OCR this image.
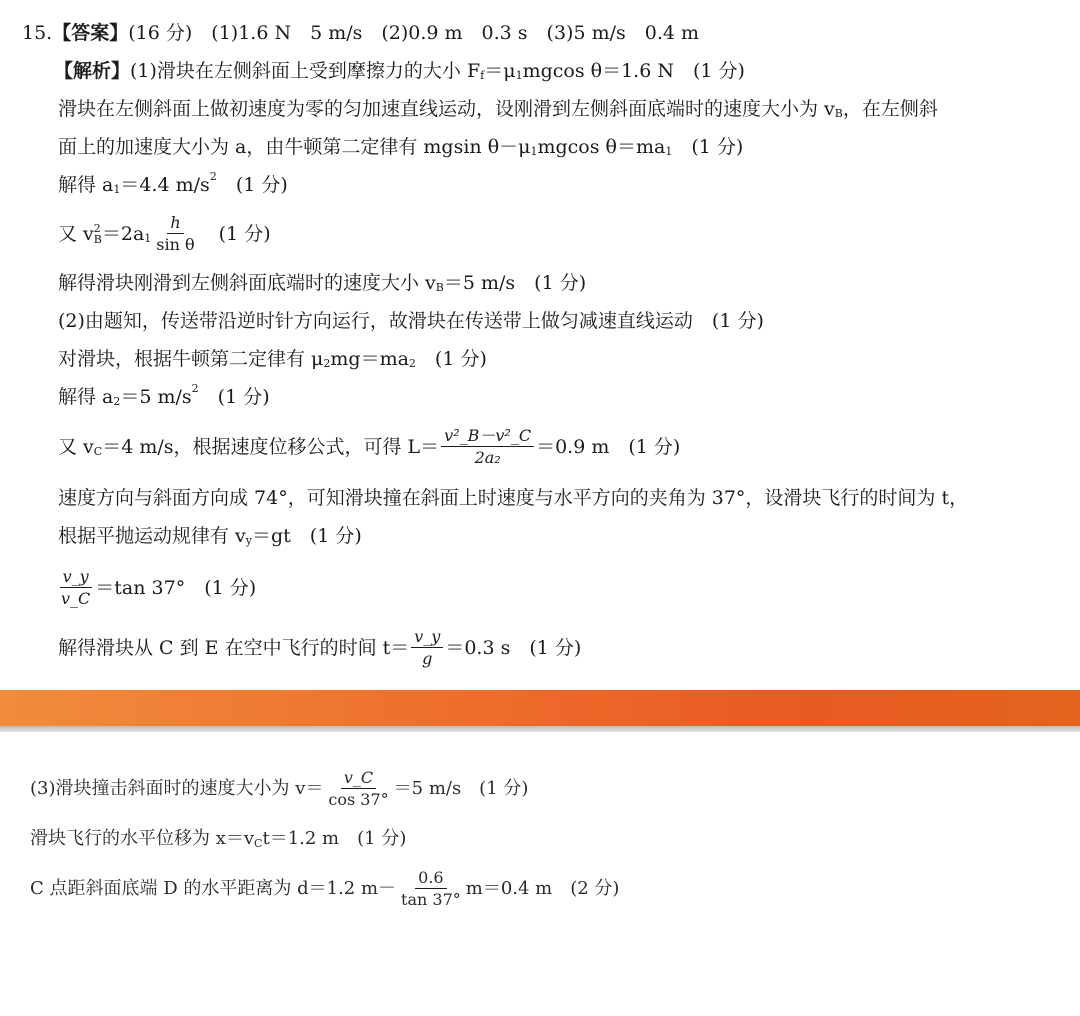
15. 【答案】 (16 分)　(1)1.6 N　5 m/s　(2)0.9 m　0.3 s　(3)5 m/s　0.4 m
【解析】 (1)滑块在左侧斜面上受到摩擦力的大小 F f ＝μ 1 mgcos θ＝1.6 N　(1 分)
滑块在左侧斜面上做初速度为零的匀加速直线运动，设刚滑到左侧斜面底端时的速度大小为 v B ，在左侧斜
面上的加速度大小为 a，由牛顿第二定律有 mgsin θ－μ 1 mgcos θ＝ma 1 　(1 分)
解得 a 1 ＝4.4 m/s 2 　(1 分)
又 v 2
B ＝2a $1 \frac{h}{\text{sin θ}}$ 　(1 分)
解得滑块刚滑到左侧斜面底端时的速度大小 v B ＝5 m/s　(1 分)
(2)由题知，传送带沿逆时针方向运行，故滑块在传送带上做匀减速直线运动　(1 分)
对滑块，根据牛顿第二定律有 μ 2 mg＝ma 2 　(1 分)
解得 a 2 ＝5 m/s 2 　(1 分)
又 v C ＝4 m/s，根据速度位移公式，可得 $L= \frac{\text{v²\_B－v²\_C}}{\text{2a₂}} =0.9$ m　(1 分)
速度方向与斜面方向成 74°，可知滑块撞在斜面上时速度与水平方向的夹角为 37°，设滑块飞行的时间为 t，
根据平抛运动规律有 v y ＝gt　(1 分)
$\frac{v\_y}{v\_C} =\tan$ 37°　(1 分)
解得滑块从 C 到 E 在空中飞行的时间 $t= \frac{v\_y}{g} =0.3$ s　(1 分)
(3)滑块撞击斜面时的速度大小为 $v= \frac{v\_C}{\cos 37^\circ} =5$ m/s　(1 分)
滑块飞行的水平位移为 x＝v C t＝1.2 m　(1 分)
C 点距斜面底端 D 的水平距离为 d＝1.2 $m- \frac{0.6}{\tan 37^\circ} m=0.4$ m　(2 分)
